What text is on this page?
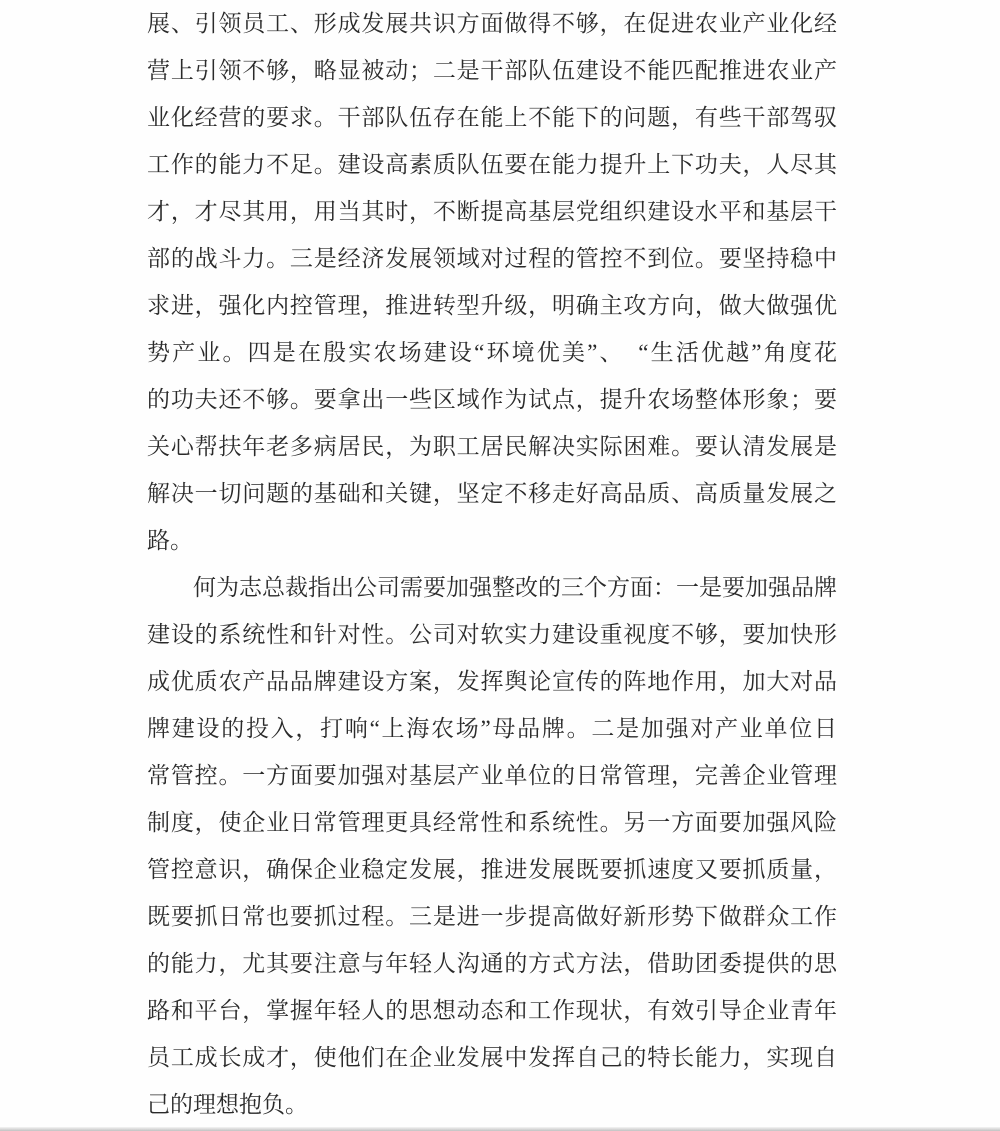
展、引领员工、形成发展共识方面做得不够，在促进农业产业化经
营上引领不够，略显被动；二是干部队伍建设不能匹配推进农业产
业化经营的要求。干部队伍存在能上不能下的问题，有些干部驾驭
工作的能力不足。建设高素质队伍要在能力提升上下功夫，人尽其
才，才尽其用，用当其时，不断提高基层党组织建设水平和基层干
部的战斗力。三是经济发展领域对过程的管控不到位。要坚持稳中
求进，强化内控管理，推进转型升级，明确主攻方向，做大做强优
势产业。四是在殷实农场建设“环境优美”、　“生活优越”角度花
的功夫还不够。要拿出一些区域作为试点，提升农场整体形象；要
关心帮扶年老多病居民，为职工居民解决实际困难。要认清发展是
解决一切问题的基础和关键，坚定不移走好高品质、高质量发展之
路。
　　何为志总裁指出公司需要加强整改的三个方面：一是要加强品牌
建设的系统性和针对性。公司对软实力建设重视度不够，要加快形
成优质农产品品牌建设方案，发挥舆论宣传的阵地作用，加大对品
牌建设的投入，打响“上海农场”母品牌。二是加强对产业单位日
常管控。一方面要加强对基层产业单位的日常管理，完善企业管理
制度，使企业日常管理更具经常性和系统性。另一方面要加强风险
管控意识，确保企业稳定发展，推进发展既要抓速度又要抓质量，
既要抓日常也要抓过程。三是进一步提高做好新形势下做群众工作
的能力，尤其要注意与年轻人沟通的方式方法，借助团委提供的思
路和平台，掌握年轻人的思想动态和工作现状，有效引导企业青年
员工成长成才，使他们在企业发展中发挥自己的特长能力，实现自
己的理想抱负。
